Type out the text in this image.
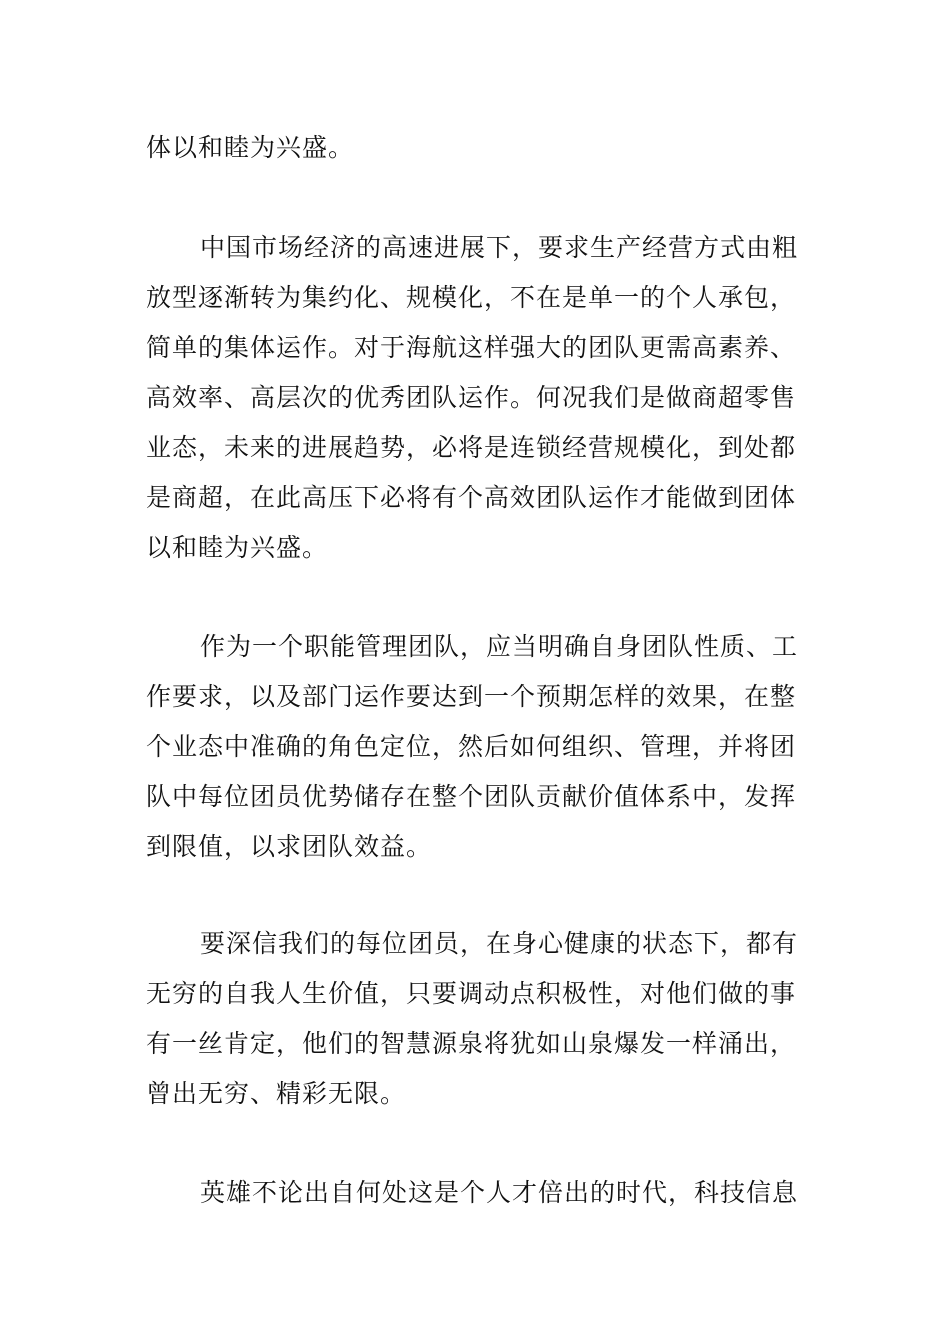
体以和睦为兴盛。
中国市场经济的高速进展下，要求生产经营方式由粗
放型逐渐转为集约化、规模化，不在是单一的个人承包，
简单的集体运作。对于海航这样强大的团队更需高素养、
高效率、高层次的优秀团队运作。何况我们是做商超零售
业态，未来的进展趋势，必将是连锁经营规模化，到处都
是商超，在此高压下必将有个高效团队运作才能做到团体
以和睦为兴盛。
作为一个职能管理团队，应当明确自身团队性质、工
作要求，以及部门运作要达到一个预期怎样的效果，在整
个业态中准确的角色定位，然后如何组织、管理，并将团
队中每位团员优势储存在整个团队贡献价值体系中，发挥
到限值，以求团队效益。
要深信我们的每位团员，在身心健康的状态下，都有
无穷的自我人生价值，只要调动点积极性，对他们做的事
有一丝肯定，他们的智慧源泉将犹如山泉爆发一样涌出，
曾出无穷、精彩无限。
英雄不论出自何处这是个人才倍出的时代，科技信息
